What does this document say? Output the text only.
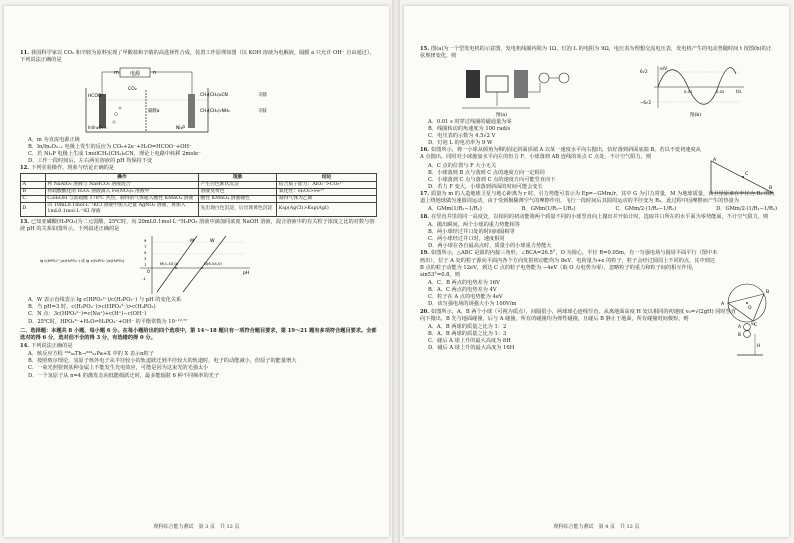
11. 我国科学家以 CO₂ 和辛胺为原料实现了甲酸盐和辛腈的高选择性合成，装置工作原理如图（以 KOH 溶液为电解液，隔膜 a 只允许 OH⁻ 自由通过）。下列说法正确的是
电源
m	n
CO₂
HCOO⁻
In/In₂O₃₋ₓ
隔膜a
Ni₂P
CH₃(CH₂)₆CN	辛腈
CH₃(CH₂)₇NH₂	辛胺
A．m 为直流电源正极
B．In/In₂O₃₋ₓ 电极上发生的反应为 CO₂+2e⁻+H₂O=HCOO⁻+OH⁻
C．若 Ni₂P 电极上生成 1molCH₃(CH₂)₆CN，理论上电路中转移 2mole⁻
D．工作一段时间后，左右两室溶液的 pH 均保持不变
12. 下列实验操作、现象与结论正确的是
	操作	现象	结论
A	将 NaAlO₂ 溶液与 NaHCO₃ 溶液混合	产生白色絮状沉淀	结合质子能力：AlO₂⁻>CO₃²⁻
B	将硫酸酸化的 H₂O₂ 溶液滴入 Fe(NO₃)₂ 溶液中	溶液变黄色	氧化性：H₂O₂>Fe³⁺
C	C₂H₅OH 与浓硫酸 170℃ 共热，制得的气体通入酸性 KMnO₄ 溶液	酸性 KMnO₄ 溶液褪色	制得气体为乙烯
D	向 10mL0.1mol·L⁻¹KCl 溶液中加入过量 AgNO₃ 溶液，再加入 1mL0.1mol·L⁻¹KI 溶液	先出现白色沉淀，后出现黄色沉淀	Ksp(AgCl)>Ksp(AgI)
13. 已知亚磷酸(H₃PO₃)为二元弱酸，25℃时，向 20mL0.1mol·L⁻¹H₃PO₃ 溶液中滴加同浓度 NaOH 溶液，混合溶液中的有关粒子浓度之比的对数与溶液 pH 的关系如图所示。下列叙述正确的是
lg c(HPO₃²⁻)/c(H₂PO₃⁻) 或 lg c(H₂PO₃⁻)/c(H₃PO₃)
0	pH
9
7
5
3
1
-1
M	W
M(1.43,0)	N(6.54,0)
A．W 表示直线表示 lg c(HPO₃²⁻)/c(H₂PO₃⁻) 与 pH 的变化关系
B．当 pH=3 时，c(H₂PO₃⁻)>c(HPO₃²⁻)>c(H₃PO₃)
C．N 点：3c(HPO₃²⁻)=c(Na⁺)+c(H⁺)−c(OH⁻)
D．25℃时，HPO₃²⁻+H₂O⇌H₂PO₃⁻+OH⁻ 的平衡常数为 10⁻¹²·⁵⁷
二、选择题：本题共 8 小题，每小题 6 分。在每小题给出的四个选项中，第 14～18 题只有一项符合题目要求，第 19～21 题有多项符合题目要求。全部选对的得 6 分，选对但不全的得 3 分，有选错的得 0 分。
14. 下列说法正确的是
A．核反应方程 ²³⁴₉₀Th→²³⁴₉₁Pa+X 中的 X 表示α粒子
B．按照玻尔理论，氢原子核外电子从半径较小的轨道跃迁到半径较大的轨道时，电子的动能减小，但原子的能量增大
C．一束光照射到某种金属上不能发生光电效应，可能是因为这束光的光强太小
D．一个氢原子从 n=4 的激发态向低能级跃迁时，最多能辐射 6 种不同频率的光子
理科综合能力测试　第 3 页　共 12 页
15. 图(a)为一个型发电机的示意图，发电机线圈内阻为 1Ω，灯泡 L 的电阻为 9Ω，电压表为理想交流电压表，发电机产生的电动势随时间 t 按图(b)的正弦规律变化，则
图(a)
e/V
t/s
6√2
−6√2
0.01	0.02
图(b)
A．0.01 s 时穿过线圈的磁通量为零
B．线圈转动的角速度为 100 rad/s
C．电压表的示数为 4.5√2 V
D．灯泡 L 的电功率为 9 W
A
B
C
16. 如图所示，将一小球从倾角为θ的固定斜面顶端 A 以某一速度水平向右抛出，恰好落到斜面底端 B。若以不变初速度从 A 点抛出，同时对小球施加水平向左的恒力 F，小球落到 AB 连线的某点 C 点处，不计空气阻力，则
A．C 点的位置与 F 大小无关
B．小球落到 B 点与落到 C 点的速度方向一定相同
C．小球落到 C 点与落到 C 点的速度方向可能竖直向下
D．若力 F 变大，小球落到斜面的时间可能会变长
17. 质量为 m 的人造地球卫星与地心距离为 r 时，引力势能可表示为 Ep=−GMm/r，其中 G 为引力常量，M 为地球质量。该卫星原来在半径为 R₁ 的轨道上绕地球做匀速圆周运动，由于受到极稀薄空气的摩擦作用，飞行一段时间后其圆周运动的半径变为 R₂，此过程中因摩擦而产生的热量为
A．GMm(1/R₂−1/R₁)	B．GMm(1/R₁−1/R₂)	C．GMm/2·(1/R₂−1/R₁)	D．GMm/2·(1/R₁−1/R₂)
18. 在竖直井里的同一高度处，以相同的初动能将两个质量不同的小球竖直向上抛出并开始计时，选取井口所在的水平面为零势能面，不计空气阻力，则
A．抛出瞬间，两个小球的重力势能相等
B．两小球经过井口处的时间间隔相等
C．两小球经过井口时，速度相同
D．两小球在各自最高点时，质量小的小球重力势能大
A
B
C
O
19. 如图所示，△ABC 是圆的内接三角形，∠BCA=26.5°，O 为圆心，半径 R=0.05m，有一匀强电场与圆周平面平行（图中未画出），位于 A 处的粒子源向平面内各个方向发射初动能均为 8eV、电荷量为+e 的粒子，粒子会经过圆周上不同的点，其中到达 B 点的粒子动能为 12eV，到达 C 点的粒子电势能为 −4eV（取 O 点电势为零），忽略粒子的重力和粒子间的相互作用，sin53°=0.8，则
A．C、B 两点的电势差为 16V
B．A、C 两点的电势差为 4V
C．粒子在 A 点的电势能为 4eV
D．该匀强电场的场强大小为 100V/m
A
B
v₀
H
20. 如图所示，A、B 两个小球（可视为质点），间隔很小，两球球心连线竖直，从离地面高度 H 处以相同的初速度 v₀=√(2gH) 同时竖直向下抛出，B 先与地面碰撞，后与 A 碰撞，所有的碰撞均为弹性碰撞，且碰后 B 静止于地面，所有碰撞时间极短，则
A．A、B 两球的质量之比为 1：2
B．A、B 两球的质量之比为 1：3
C．碰后 A 球上升的最大高度为 8H
D．碰后 A 球上升的最大高度为 16H
理科综合能力测试　第 4 页　共 12 页
